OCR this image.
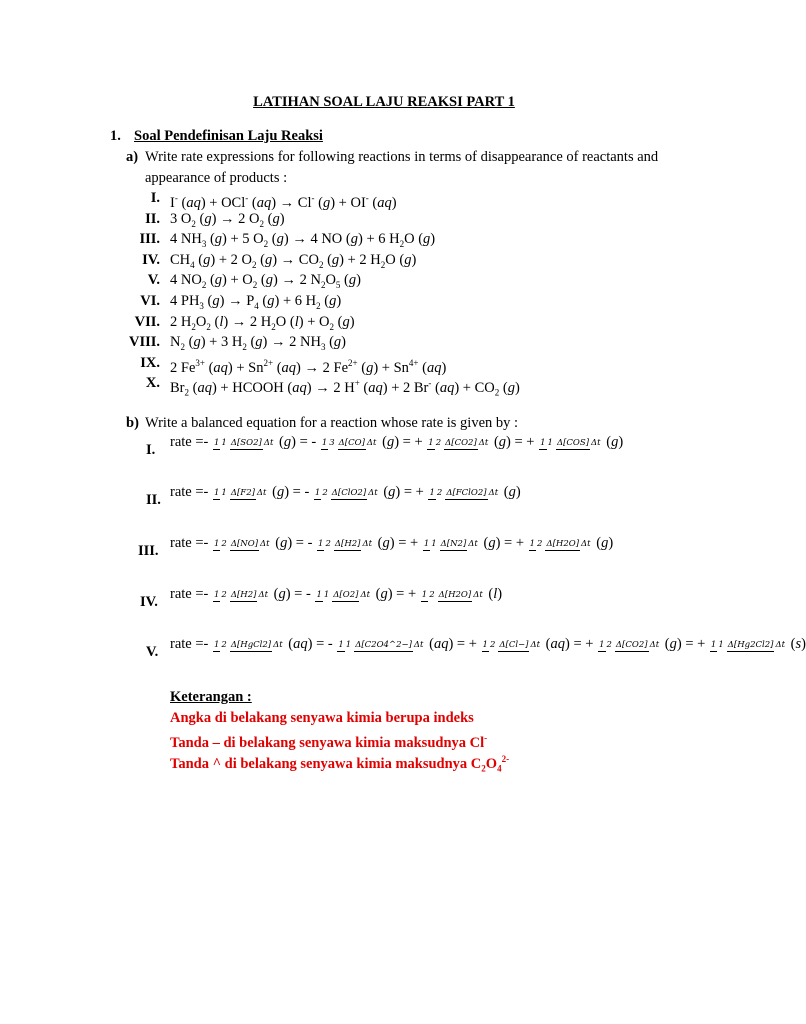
LATIHAN SOAL LAJU REAKSI PART 1
1. Soal Pendefinisan Laju Reaksi
a) Write rate expressions for following reactions in terms of disappearance of reactants and
appearance of products :
I.
II.
III.
IV.
V.
VI.
VII.
VIII.
IX.
X.
I- (aq) + OCl- (aq) → Cl- (g) + OI- (aq)
3 $O_2$ (g) → 2 $O_2$ (g)
4 $NH_3$ (g) + 5 $O_2$ (g) → 4 NO (g) + 6 $H_2O$ (g)
$CH_4$ (g) + 2 $O_2$ $(g) \to CO_2$ (g) + 2 $H_2O$ (g)
4 $NO_2$ $(g) + O_2$ (g) → 2 $N_2O_5$ (g)
4 $PH_3$ $(g) \to P_4$ (g) + 6 $H_2$ (g)
2 $H_2O_2$ (l) → 2 $H_2O$ $(l) + O_2$ (g)
$N_2$ (g) + 3 $H_2$ (g) → 2 $NH_3$ (g)
2 $Fe^{3+}$ $(aq) + Sn^{2+}$ (aq) → 2 $Fe^{2+}$ $(g) + Sn^{4+}$ (aq)
$Br_2$ (aq) + HCOOH (aq) → 2 H+ (aq) + 2 Br- $(aq) + CO_2$ (g)
b) Write a balanced equation for a reaction whose rate is given by :
I.
II.
III.
IV.
V.
rate =- 1 1 Δ[SO2] Δt (g) = - 1 3 Δ[CO] Δt (g) = + 1 2 Δ[CO2] Δt (g) = + 1 1 Δ[COS] Δt (g)
rate =- 1 1 Δ[F2] Δt (g) = - 1 2 Δ[ClO2] Δt (g) = + 1 2 Δ[FClO2] Δt (g)
rate =- 1 2 Δ[NO] Δt (g) = - 1 2 Δ[H2] Δt (g) = + 1 1 Δ[N2] Δt (g) = + 1 2 Δ[H2O] Δt (g)
rate =- 1 2 Δ[H2] Δt (g) = - 1 1 Δ[O2] Δt (g) = + 1 2 Δ[H2O] Δt (l)
rate =- 1 2 Δ[HgCl2] Δt (aq) = - 1 1 Δ[C2O4^2−] Δt (aq) = + 1 2 Δ[Cl−] Δt (aq) = + 1 2 Δ[CO2] Δt (g) = + 1 1 Δ[Hg2Cl2] Δt (s)
Keterangan :
Angka di belakang senyawa kimia berupa indeks
Tanda – di belakang senyawa kimia maksudnya Cl-
Tanda ^ di belakang senyawa kimia maksudnya $C_2O_4^{2-}$
